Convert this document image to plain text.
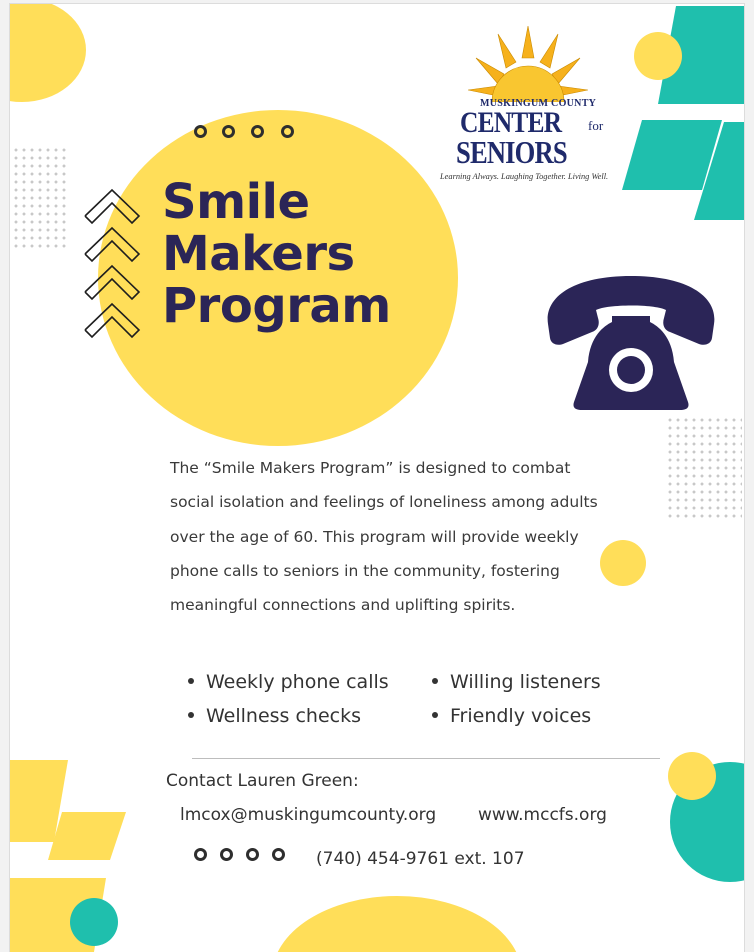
Smile
Makers
Program
MUSKINGUM COUNTY
CENTER for
SENIORS
Learning Always. Laughing Together. Living Well.

The “Smile Makers Program” is designed to combat social isolation and feelings of loneliness among adults over the age of 60. This program will provide weekly phone calls to seniors in the community, fostering meaningful connections and uplifting spirits.

Weekly phone calls	Willing listeners
Wellness checks	Friendly voices
Contact Lauren Green:
lmcox@muskingumcounty.org www.mccfs.org
(740) 454-9761 ext. 107
